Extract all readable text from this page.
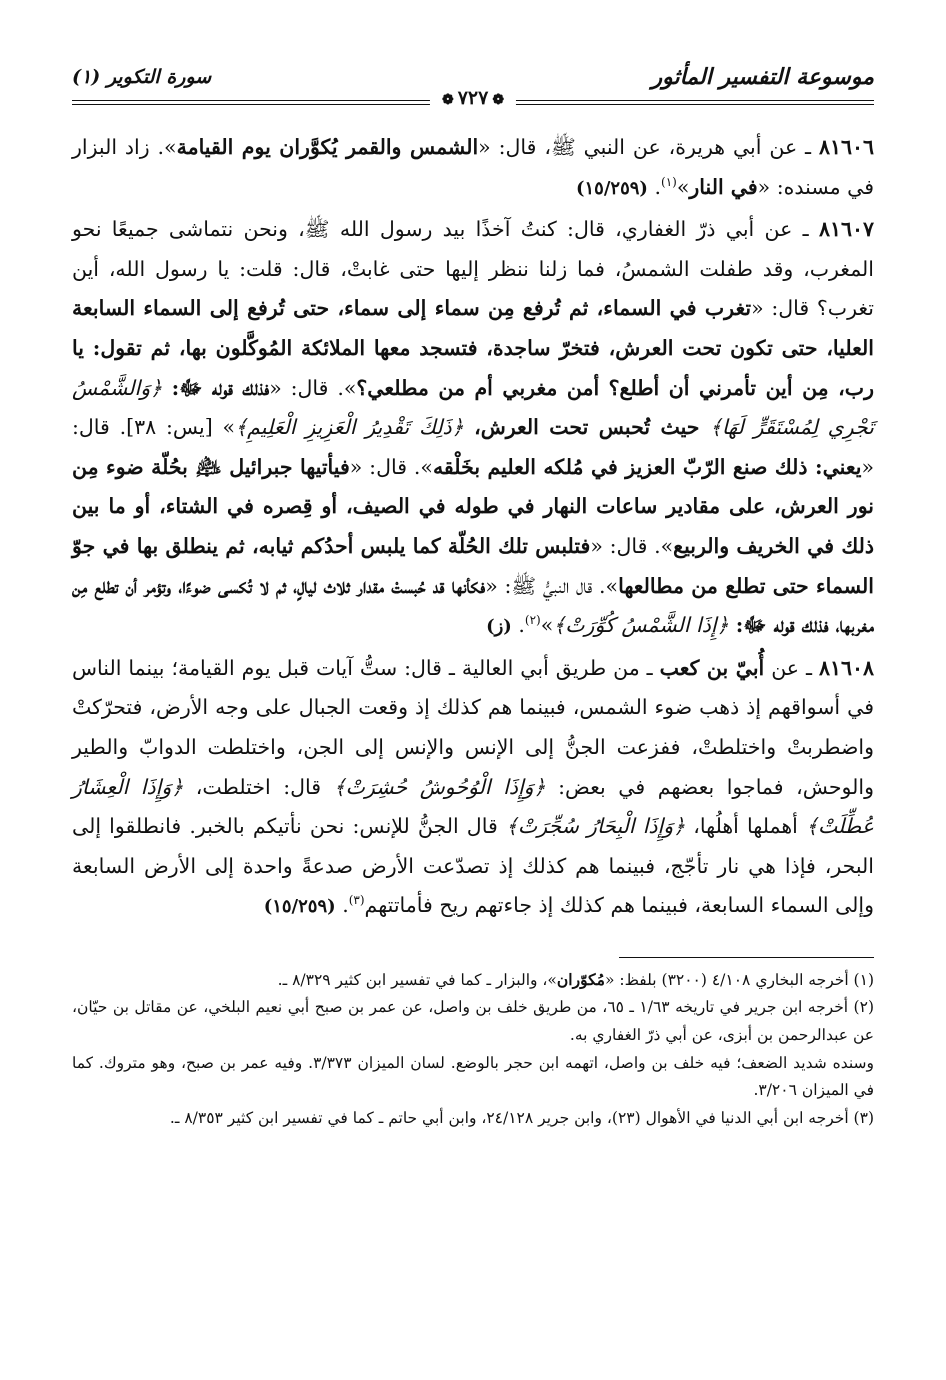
موسوعة التفسير المأثور
سورة التكوير (١)
❁٧٢٧❁

٨١٦٠٦ ـ عن أبي هريرة، عن النبي ﷺ، قال: «الشمس والقمر يُكوَّران يوم القيامة». زاد البزار في مسنده: «في النار»$^{(١)}$. (١٥/٢٥٩)

٨١٦٠٧ ـ عن أبي ذرّ الغفاري، قال: كنتُ آخذًا بيد رسول الله ﷺ، ونحن نتماشى جميعًا نحو المغرب، وقد طفلت الشمسُ، فما زلنا ننظر إليها حتى غابتْ، قال: قلت: يا رسول الله، أين تغرب؟ قال: «تغرب في السماء، ثم تُرفع مِن سماء إلى سماء، حتى تُرفع إلى السماء السابعة العليا، حتى تكون تحت العرش، فتخرّ ساجدة، فتسجد معها الملائكة المُوكَّلون بها، ثم تقول: يا رب، مِن أين تأمرني أن أطلع؟ أمن مغربي أم من مطلعي؟». قال: «فذلك قوله ﷻ: ﴿وَالشَّمْسُ تَجْرِي لِمُسْتَقَرٍّ لَهَا﴾ حيث تُحبس تحت العرش، ﴿ذَلِكَ تَقْدِيرُ الْعَزِيزِ الْعَلِيمِ﴾» [يس: ٣٨]. قال: «يعني: ذلك صنع الرّبّ العزيز في مُلكه العليم بخَلْقه». قال: «فيأتيها جبرائيل ﵇ بحُلّة ضوء مِن نور العرش، على مقادير ساعات النهار في طوله في الصيف، أو قِصره في الشتاء، أو ما بين ذلك في الخريف والربيع». قال: «فتلبس تلك الحُلّة كما يلبس أحدُكم ثيابه، ثم ينطلق بها في جوّ السماء حتى تطلع من مطالعها». قال النبيُّ ﷺ: «فكأنها قد حُبستْ مقدار ثلاث ليالٍ، ثم لا تُكسى ضوءًا، وتؤمر أن تطلع مِن مغربها، فذلك قوله ﷻ: ﴿إِذَا الشَّمْسُ كُوِّرَتْ﴾»$^{(٢)}$. (ز)

٨١٦٠٨ ـ عن أُبيّ بن كعب ـ من طريق أبي العالية ـ قال: ستُّ آيات قبل يوم القيامة؛ بينما الناس في أسواقهم إذ ذهب ضوء الشمس، فبينما هم كذلك إذ وقعت الجبال على وجه الأرض، فتحرّكتْ واضطربتْ واختلطتْ، ففزعت الجنُّ إلى الإنس والإنس إلى الجن، واختلطت الدوابّ والطير والوحش، فماجوا بعضهم في بعض: ﴿وَإِذَا الْوُحُوشُ حُشِرَتْ﴾ قال: اختلطت، ﴿وَإِذَا الْعِشَارُ عُطِّلَتْ﴾ أهملها أهلُها، ﴿وَإِذَا الْبِحَارُ سُجِّرَتْ﴾ قال الجنُّ للإنس: نحن نأتيكم بالخبر. فانطلقوا إلى البحر، فإذا هي نار تأجّج، فبينما هم كذلك إذ تصدّعت الأرض صدعةً واحدة إلى الأرض السابعة وإلى السماء السابعة، فبينما هم كذلك إذ جاءتهم ريح فأماتتهم$^{(٣)}$. (١٥/٢٥٩)

(١) أخرجه البخاري ٤/١٠٨ (٣٢٠٠) بلفظ: «مُكوّران»، والبزار ـ كما في تفسير ابن كثير ٨/٣٢٩ ـ.

(٢) أخرجه ابن جرير في تاريخه ١/٦٣ ـ ٦٥، من طريق خلف بن واصل، عن عمر بن صبح أبي نعيم البلخي، عن مقاتل بن حيّان، عن عبدالرحمن بن أبزى، عن أبي ذرّ الغفاري به.

وسنده شديد الضعف؛ فيه خلف بن واصل، اتهمه ابن حجر بالوضع. لسان الميزان ٣/٣٧٣. وفيه عمر بن صبح، وهو متروك. كما في الميزان ٣/٢٠٦.

(٣) أخرجه ابن أبي الدنيا في الأهوال (٢٣)، وابن جرير ٢٤/١٢٨، وابن أبي حاتم ـ كما في تفسير ابن كثير ٨/٣٥٣ ـ.
